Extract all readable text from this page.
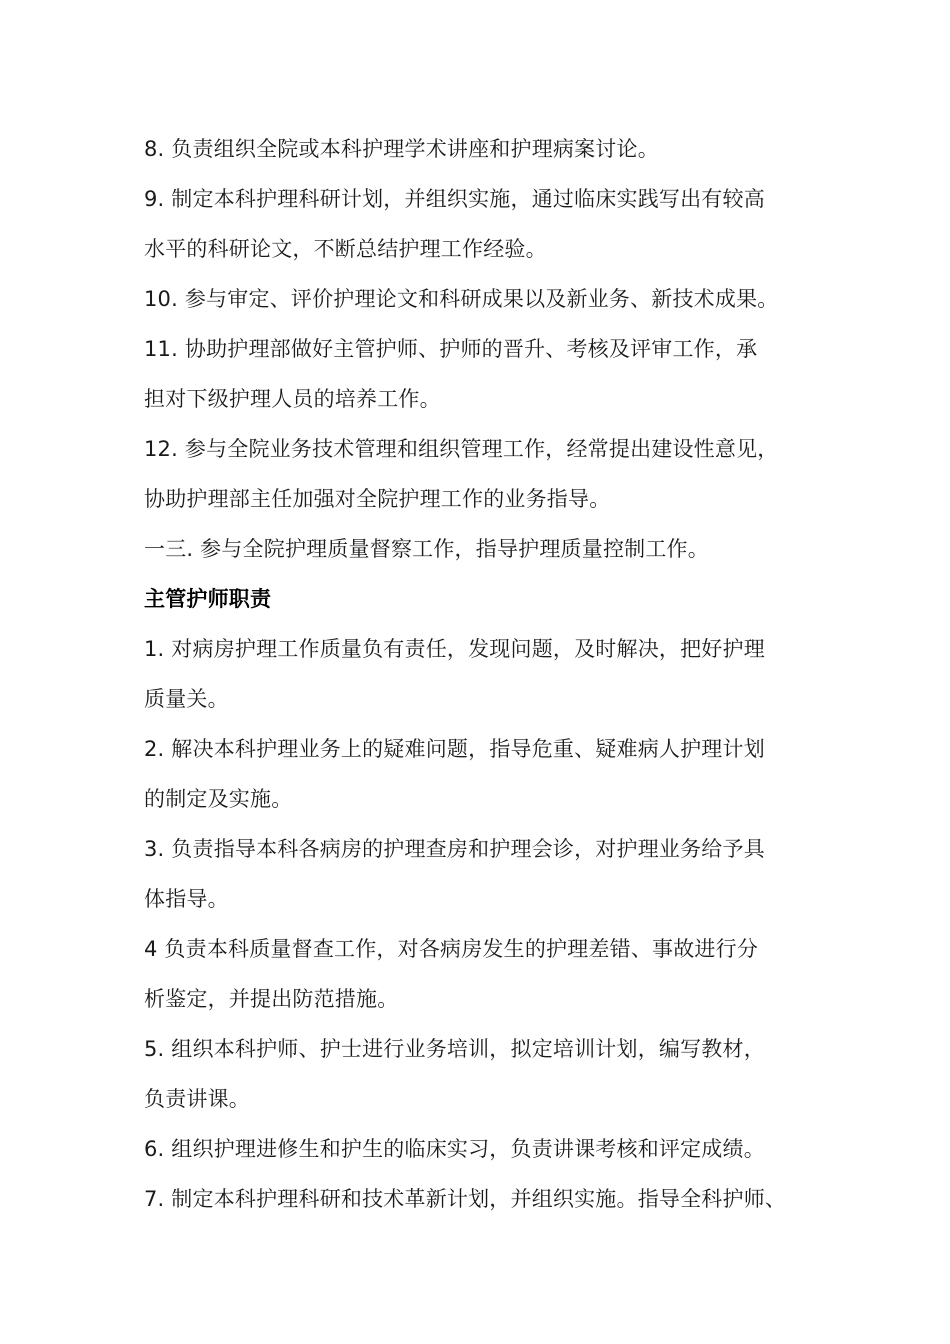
8. 负责组织全院或本科护理学术讲座和护理病案讨论。
9. 制定本科护理科研计划，并组织实施，通过临床实践写出有较高
水平的科研论文，不断总结护理工作经验。
10. 参与审定、评价护理论文和科研成果以及新业务、新技术成果。
11. 协助护理部做好主管护师、护师的晋升、考核及评审工作，承
担对下级护理人员的培养工作。
12. 参与全院业务技术管理和组织管理工作，经常提出建设性意见，
协助护理部主任加强对全院护理工作的业务指导。
一三. 参与全院护理质量督察工作，指导护理质量控制工作。
主管护师职责
1. 对病房护理工作质量负有责任，发现问题，及时解决，把好护理
质量关。
2. 解决本科护理业务上的疑难问题，指导危重、疑难病人护理计划
的制定及实施。
3. 负责指导本科各病房的护理查房和护理会诊，对护理业务给予具
体指导。
4 负责本科质量督查工作，对各病房发生的护理差错、事故进行分
析鉴定，并提出防范措施。
5. 组织本科护师、护士进行业务培训，拟定培训计划，编写教材，
负责讲课。
6. 组织护理进修生和护生的临床实习，负责讲课考核和评定成绩。
7. 制定本科护理科研和技术革新计划，并组织实施。指导全科护师、
